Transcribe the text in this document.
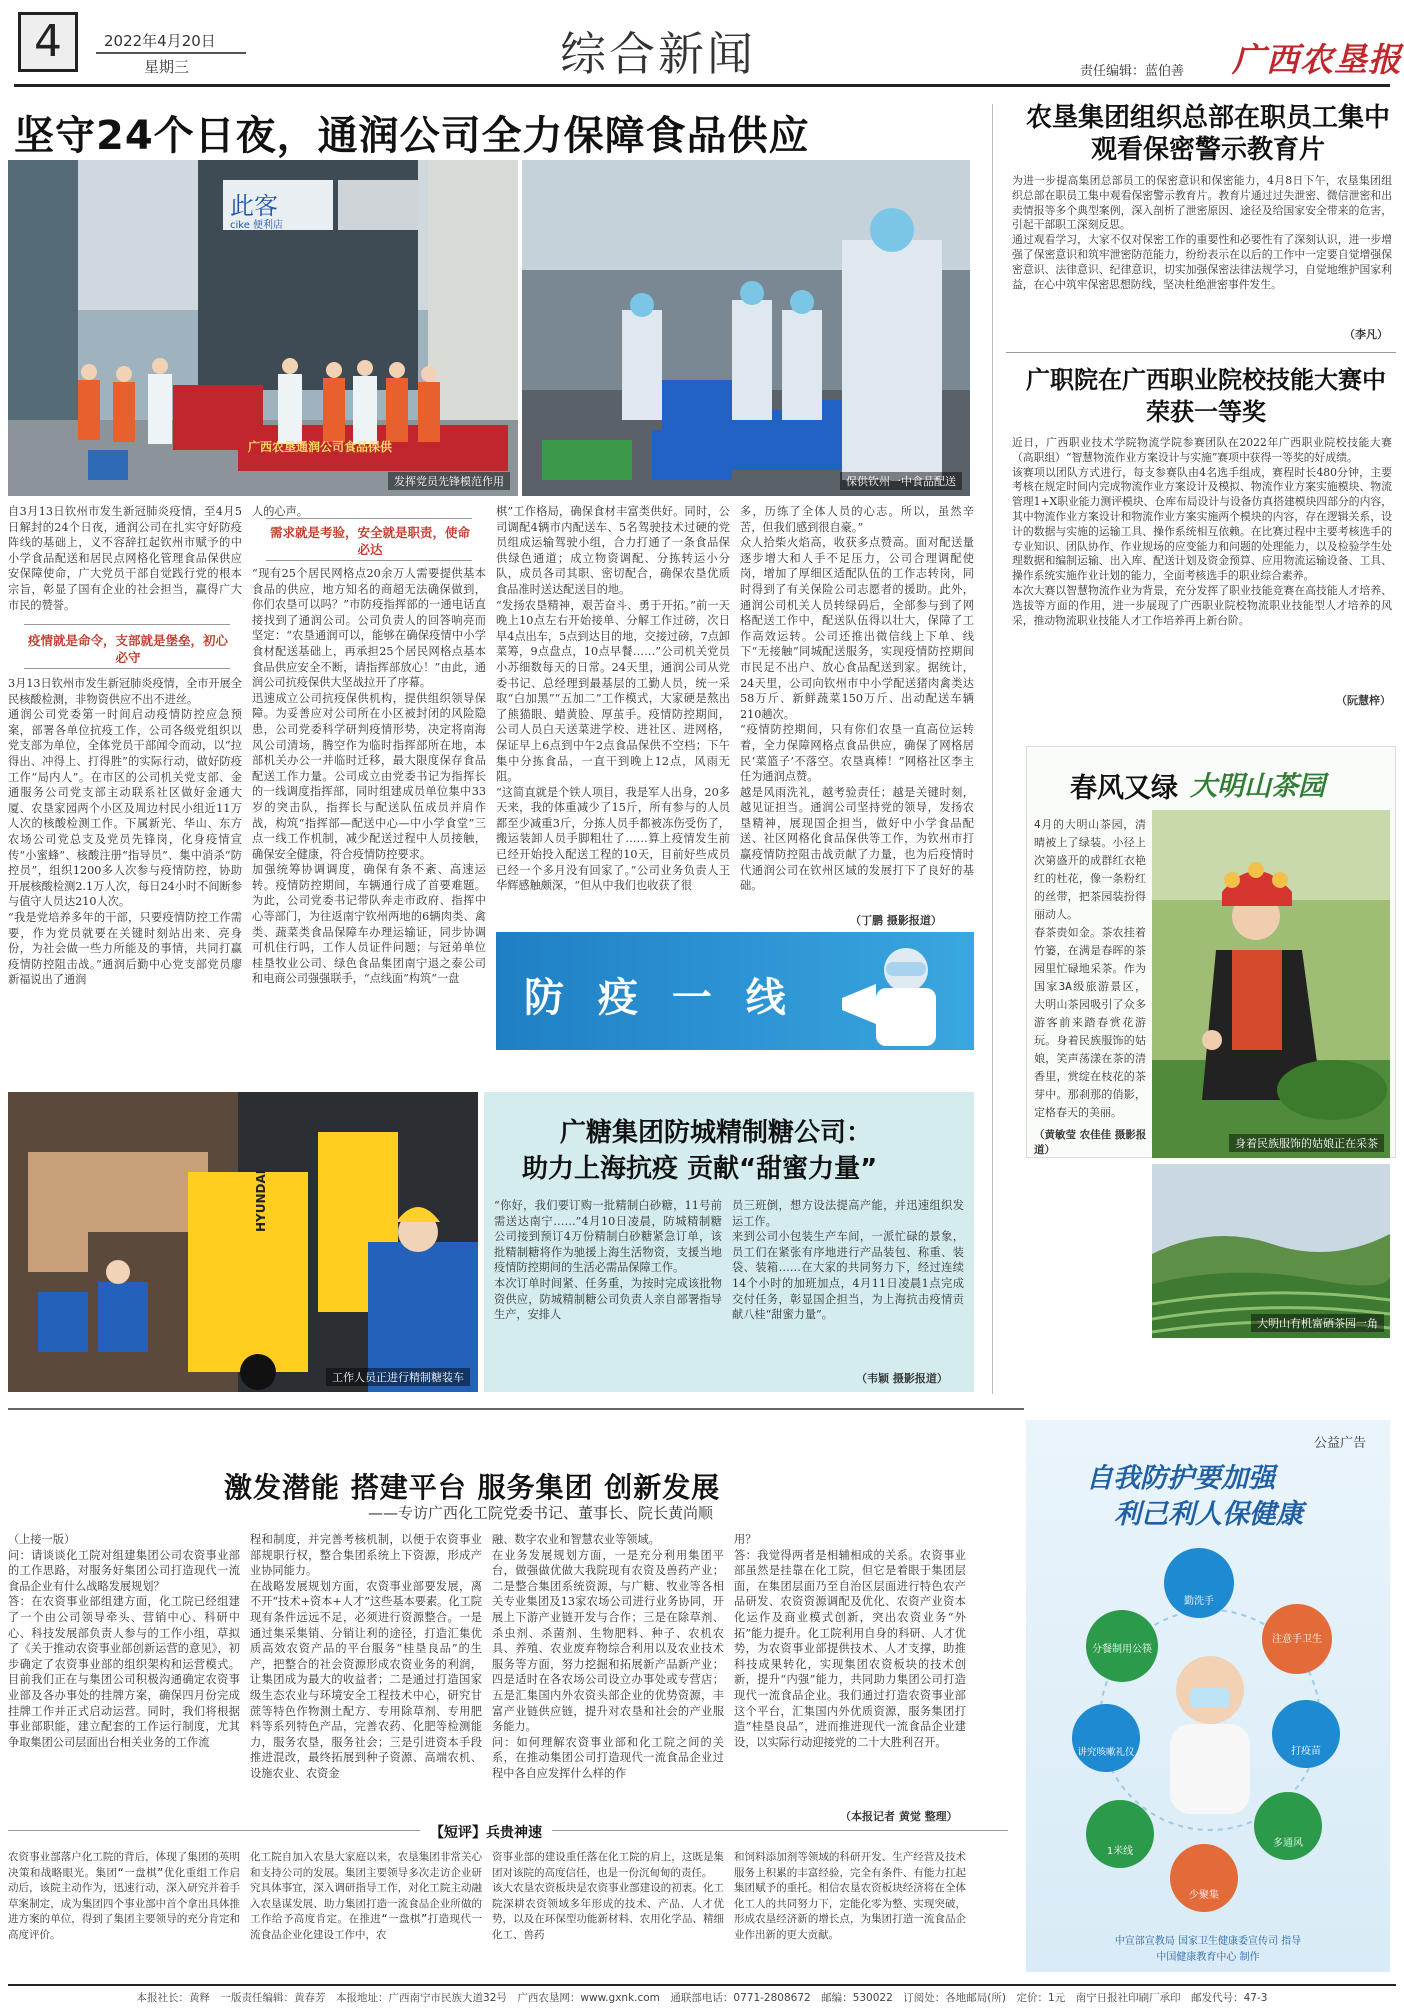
4	2022年4月20日
星期三	综合新闻	责任编辑：蓝伯善 广西农垦报
坚守24个日夜，通润公司全力保障食品供应
此客
cike 便利店
广西农垦通润公司食品保供
发挥党员先锋模范作用	保供钦州一中食品配送
自3月13日钦州市发生新冠肺炎疫情，至4月5日解封的24个日夜，通润公司在扎实守好防疫阵线的基础上，义不容辞扛起钦州市赋予的中小学食品配送和居民点网格化管理食品保供应安保障使命，广大党员干部自觉践行党的根本宗旨，彰显了国有企业的社会担当，赢得广大市民的赞誉。
疫情就是命令，支部就是堡垒，初心必守
3月13日钦州市发生新冠肺炎疫情，全市开展全民核酸检测，非物资供应不出不进丝。
通润公司党委第一时间启动疫情防控应急预案，部署各单位抗疫工作，公司各级党组织以党支部为单位，全体党员干部闻令而动，以“拉得出、冲得上、打得胜”的实际行动，做好防疫工作“局内人”。在市区的公司机关党支部、金通服务公司党支部主动联系社区做好金通大厦、农垦家园两个小区及周边村民小组近11万人次的核酸检测工作。下属新光、华山、东方农场公司党总支及党员先锋岗，化身疫情宣传“小蜜蜂”、核酸注册“指导员”、集中消杀“防控员”，组织1200多人次参与疫情防控，协助开展核酸检测2.1万人次，每日24小时不间断参与值守人员达210人次。
“我是党培养多年的干部，只要疫情防控工作需要，作为党员就要在关键时刻站出来、亮身份，为社会做一些力所能及的事情，共同打赢疫情防控阻击战。”通润后勤中心党支部党员廖新福说出了通润
人的心声。
需求就是考验，安全就是职责，使命必达
“现有25个居民网格点20余万人需要提供基本食品的供应，地方知名的商超无法确保做到，你们农垦可以吗？”市防疫指挥部的一通电话直接找到了通润公司。公司负责人的回答响亮而坚定：“农垦通润可以，能够在确保疫情中小学食材配送基础上，再承担25个居民网格点基本食品供应安全不断，请指挥部放心！”由此，通润公司抗疫保供大坚战拉开了序幕。
迅速成立公司抗疫保供机构，提供组织领导保障。为妥善应对公司所在小区被封闭的风险隐患，公司党委科学研判疫情形势，决定将南海风公司清场，腾空作为临时指挥部所在地，本部机关办公一并临时迁移，最大限度保存食品配送工作力量。公司成立由党委书记为指挥长的一线调度指挥部，同时组建成员单位集中33岁的突击队，指挥长与配送队伍成员并肩作战，构筑“指挥部—配送中心—中小学食堂”三点一线工作机制，减少配送过程中人员接触，确保安全健康，符合疫情防控要求。
加强统筹协调调度，确保有条不紊、高速运转。疫情防控期间，车辆通行成了首要难题。为此，公司党委书记带队奔走市政府、指挥中心等部门，为往返南宁钦州两地的6辆肉类、禽类、蔬菜类食品保障车办理运输证，同步协调可机住行吗，工作人员证件问题；与冠弟单位桂垦牧业公司、绿色食品集团南宁退之泰公司和电商公司强强联手，“点线面”构筑“一盘
棋”工作格局，确保食材丰富类供好。同时，公司调配4辆市内配送车、5名驾驶技术过硬的党员组成运输驾驶小组，合力打通了一条食品保供绿色通道；成立物资调配、分拣转运小分队，成员各司其职、密切配合，确保农垦优质食品准时送达配送目的地。
“发扬农垦精神，艰苦奋斗、勇于开拓。”前一天晚上10点左右开始接单、分解工作过磅，次日早4点出车，5点到达目的地，交接过磅，7点卸菜筹，9点盘点，10点早餐……”公司机关党员小苏细数每天的日常。24天里，通润公司从党委书记、总经理到最基层的工勤人员，统一采取“白加黑”“五加二”工作模式，大家硬是熬出了熊猫眼、蜡黄脸、厚茧手。疫情防控期间，公司人员白天送菜进学校、进社区、进网格，保证早上6点到中午2点食品保供不空档；下午集中分拣食品，一直干到晚上12点，风雨无阻。
“这简直就是个铁人项目，我是军人出身，20多天来，我的体重减少了15斤，所有参与的人员都至少减重3斤，分拣人员手都被冻伤受伤了，搬运装卸人员手脚粗壮了……算上疫情发生前已经开始投入配送工程的10天，目前好些成员已经一个多月没有回家了。”公司业务负责人王华辉感触颇深，“但从中我们也收获了很
多，历练了全体人员的心志。所以，虽然辛苦，但我们感到很自豪。”
众人拾柴火焰高，收获多点赞高。面对配送量逐步增大和人手不足压力，公司合理调配使岗，增加了厚细区适配队伍的工作志转岗，同时得到了有关保险公司志愿者的援助。此外，通润公司机关人员转绿码后，全部参与到了网格配送工作中，配送队伍得以壮大，保障了工作高效运转。公司还推出微信线上下单、线下“无接触”同城配送服务，实现疫情防控期间市民足不出户、放心食品配送到家。据统计，24天里，公司向钦州市中小学配送猪肉禽类达58万斤、新鲜蔬菜150万斤、出动配送车辆210趟次。
“疫情防控期间，只有你们农垦一直高位运转着，全力保障网格点食品供应，确保了网格居民‘菜篮子’不落空。农垦真棒！”网格社区李主任为通润点赞。
越是风雨洗礼，越考验责任；越是关键时刻，越见证担当。通润公司坚持党的领导，发扬农垦精神，展现国企担当，做好中小学食品配送、社区网格化食品保供等工作，为钦州市打赢疫情防控阻击战贡献了力量，也为后疫情时代通润公司在钦州区域的发展打下了良好的基础。
（丁鹏 摄影报道）
防 疫 一 线
农垦集团组织总部在职员工集中观看保密警示教育片
为进一步提高集团总部员工的保密意识和保密能力，4月8日下午，农垦集团组织总部在职员工集中观看保密警示教育片。教育片通过过失泄密、微信泄密和出卖情报等多个典型案例，深入剖析了泄密原因、途径及给国家安全带来的危害，引起干部职工深刻反思。
通过观看学习，大家不仅对保密工作的重要性和必要性有了深刻认识，进一步增强了保密意识和筑牢泄密防范能力，纷纷表示在以后的工作中一定要自觉增强保密意识、法律意识、纪律意识，切实加强保密法律法规学习，自觉地维护国家利益，在心中筑牢保密思想防线，坚决杜绝泄密事件发生。
（李凡）
广职院在广西职业院校技能大赛中荣获一等奖
近日，广西职业技术学院物流学院参赛团队在2022年广西职业院校技能大赛（高职组）“智慧物流作业方案设计与实施”赛项中获得一等奖的好成绩。
该赛项以团队方式进行，每支参赛队由4名选手组成，赛程时长480分钟，主要考核在规定时间内完成物流作业方案设计及模拟、物流作业方案实施模块、物流管理1+X职业能力测评模块、仓库布局设计与设备仿真搭建模块四部分的内容，其中物流作业方案设计和物流作业方案实施两个模块的内容，存在逻辑关系，设计的数据与实施的运输工具、操作系统相互依赖。在比赛过程中主要考核选手的专业知识、团队协作、作业规场的应变能力和问题的处理能力，以及检验学生处理数据和编制运输、出入库、配送计划及资金预算、应用物流运输设备、工具、操作系统实施作业计划的能力，全面考核选手的职业综合素养。
本次大赛以智慧物流作业为背景，充分发挥了职业技能竞赛在高技能人才培养、选拔等方面的作用，进一步展现了广西职业院校物流职业技能型人才培养的风采，推动物流职业技能人才工作培养再上新台阶。
（阮慧梓）
春风又绿 大明山茶园
4月的大明山茶园，清晴被上了绿装。小径上次第盛开的成群红衣艳红的杜花，像一条粉红的丝带，把茶园装扮得丽动人。
春茶贵如金。茶农挂着竹篓，在满是春晖的茶园里忙碌地采茶。作为国家3A级旅游景区，大明山茶园吸引了众多游客前来踏春赏花游玩。身着民族服饰的姑娘，笑声荡漾在茶的清香里，赏绽在枝花的茶芽中。那刹那的俏影，定格春天的美丽。
（黄敏莹 农佳佳 摄影报道）	身着民族服饰的姑娘正在采茶
大明山有机富硒茶园一角
HYUNDAI
工作人员正进行精制糖装车
广糖集团防城精制糖公司：
助力上海抗疫 贡献“甜蜜力量”
“你好，我们要订购一批精制白砂糖，11号前需送达南宁……”4月10日凌晨，防城精制糖公司接到预订4万份精制白砂糖紧急订单，该批精制糖将作为驰援上海生活物资，支援当地疫情防控期间的生活必需品保障工作。
本次订单时间紧、任务重，为按时完成该批物资供应，防城精制糖公司负责人亲自部署指导生产，安排人
员三班倒，想方设法提高产能，并迅速组织发运工作。
来到公司小包装生产车间，一派忙碌的景象，员工们在紧张有序地进行产品装包、称重、装袋、装箱……在大家的共同努力下，经过连续14个小时的加班加点，4月11日凌晨1点完成交付任务，彰显国企担当，为上海抗击疫情贡献八桂“甜蜜力量”。
（韦颖 摄影报道）
激发潜能 搭建平台 服务集团 创新发展
——专访广西化工院党委书记、董事长、院长黄尚顺
（上接一版）
问：请谈谈化工院对组建集团公司农资事业部的工作思路，对服务好集团公司打造现代一流食品企业有什么战略发展规划？
答：在农资事业部组建方面，化工院已经组建了一个由公司领导牵头、营销中心、科研中心、科技发展部负责人参与的工作小组，草拟了《关于推动农资事业部创新运营的意见》，初步确定了农资事业部的组织架构和运营模式。目前我们正在与集团公司积极沟通确定农资事业部及各办事处的挂牌方案，确保四月份完成挂牌工作并正式启动运营。同时，我们将根据事业部职能，建立配套的工作运行制度，尤其争取集团公司层面出台相关业务的工作流
程和制度，并完善考核机制，以便于农资事业部规职行权，整合集团系统上下资源，形成产业协同能力。
在战略发展规划方面，农资事业部要发展，离不开“技术+资本+人才”这些基本要素。化工院现有条件远远不足，必须进行资源整合。一是通过集采集销、分销让利的途径，打造汇集优质高效农资产品的平台服务“桂垦良品”的生产，把整合的社会资源形成农资业务的利润，让集团成为最大的收益者；二是通过打造国家级生态农业与环境安全工程技术中心，研究甘蔗等特色作物测土配方、专用除草剂、专用肥料等系列特色产品，完善农药、化肥等检测能力，服务农垦，服务社会；三是引进资本手段推进混改，最终拓展到种子资源、高端农机、设施农业、农资金
融、数字农业和智慧农业等领域。
在业务发展规划方面，一是充分利用集团平台，做强做优做大我院现有农资及兽药产业；二是整合集团系统资源，与广糖、牧业等各相关专业集团及13家农场公司进行业务协同，开展上下游产业链开发与合作；三是在除草剂、杀虫剂、杀菌剂、生物肥料、种子、农机农具、养殖、农业废弃物综合利用以及农业技术服务等方面，努力挖掘和拓展新产品新产业；四是适时在各农场公司设立办事处或专营店；五是汇集国内外农资头部企业的优势资源，丰富产业链供应链，提升对农垦和社会的产业服务能力。
问：如何理解农资事业部和化工院之间的关系，在推动集团公司打造现代一流食品企业过程中各自应发挥什么样的作
用？
答：我觉得两者是相辅相成的关系。农资事业部虽然是挂靠在化工院，但它是着眼于集团层面，在集团层面乃至自治区层面进行特色农产品研发、农资资源调配及优化、农资产业资本化运作及商业模式创新，突出农资业务“外拓”能力提升。化工院利用自身的科研、人才优势，为农资事业部提供技术、人才支撑，助推科技成果转化，实现集团农资板块的技术创新，提升“内强”能力，共同助力集团公司打造现代一流食品企业。我们通过打造农资事业部这个平台，汇集国内外优质资源，服务集团打造“桂垦良品”，进而推进现代一流食品企业建设，以实际行动迎接党的二十大胜利召开。
（本报记者 黄觉 整理）
【短评】兵贵神速
农资事业部落户化工院的背后，体现了集团的英明决策和战略眼光。集团“一盘棋”优化重组工作启动后，该院主动作为，迅速行动，深入研究并着手草案制定，成为集团四个事业部中首个拿出具体推进方案的单位，得到了集团主要领导的充分肯定和高度评价。
化工院自加入农垦大家庭以来，农垦集团非常关心和支持公司的发展。集团主要领导多次走访企业研究具体事宜，深入调研指导工作，对化工院主动融入农垦谋发展、助力集团打造一流食品企业所做的工作给予高度肯定。在推进“一盘棋”打造现代一流食品企业化建设工作中，农
资事业部的建设重任落在化工院的肩上，这既是集团对该院的高度信任，也是一份沉甸甸的责任。
该大农垦农资板块是农资事业部建设的初衷。化工院深耕农资领域多年形成的技术、产品、人才优势，以及在环保型功能新材料、农用化学品、精细化工、兽药
和饲料添加剂等领域的科研开发、生产经营及技术服务上积累的丰富经验，完全有条件、有能力扛起集团赋予的重托。相信农垦农资板块经济将在全体化工人的共同努力下，定能化零为整、实现突破，形成农垦经济新的增长点，为集团打造一流食品企业作出新的更大贡献。
公益广告
自我防护要加强
利己利人保健康
勤洗手
分餐制用公筷
注意手卫生
打疫苗
讲究咳嗽礼仪
多通风
少聚集
1米线
中宣部宣教局 国家卫生健康委宣传司 指导
中国健康教育中心 制作
本报社长：黄释　一版责任编辑：黄春芳　本报地址：广西南宁市民族大道32号　广西农垦网：www.gxnk.com　通联部电话：0771-2808672　邮编：530022　订阅处：各地邮局(所)　定价：1元　南宁日报社印刷厂承印　邮发代号：47-3
